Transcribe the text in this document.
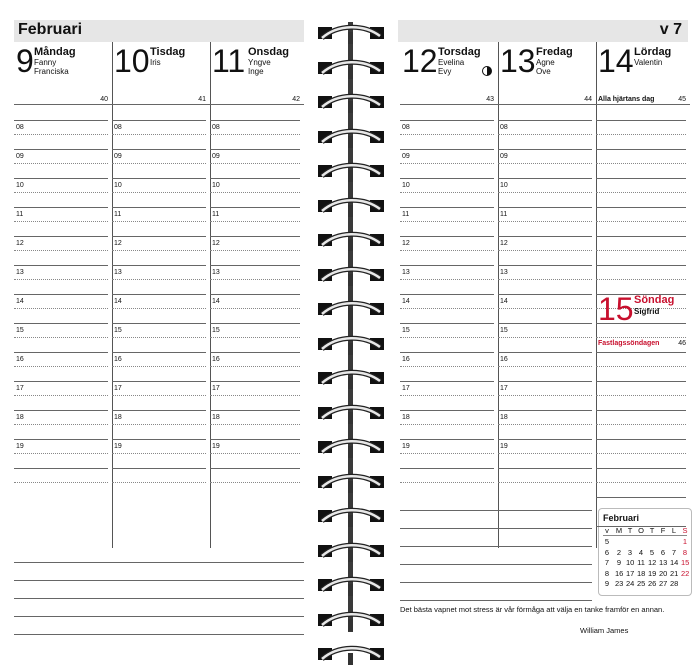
Februari	v 7
Februari
v M T O T F L S
5	1
6 2 3 4 5 6 7 8
7 9 10 11 12 13 14 15
8 16 17 18 19 20 21 22
9 23 24 25 26 27 28
Det bästa vapnet mot stress är vår förmåga att välja en tanke framför en annan.
William James
9 Måndag
Fanny
Franciska
40
08
09
10
11
12
13
14
15
16
17
18
19
10 Tisdag
Iris
41
08
09
10
11
12
13
14
15
16
17
18
19
11 Onsdag
Yngve
Inge
42
08
09
10
11
12
13
14
15
16
17
18
19
12 Torsdag
Evelina
Evy
43
08
09
10
11
12
13
14
15
16
17
18
19
13 Fredag
Agne
Ove
44
08
09
10
11
12
13
14
15
16
17
18
19
14 Lördag
Valentin
45
Alla hjärtans dag
15 Söndag
Sigfrid
Fastlagssöndagen	46
